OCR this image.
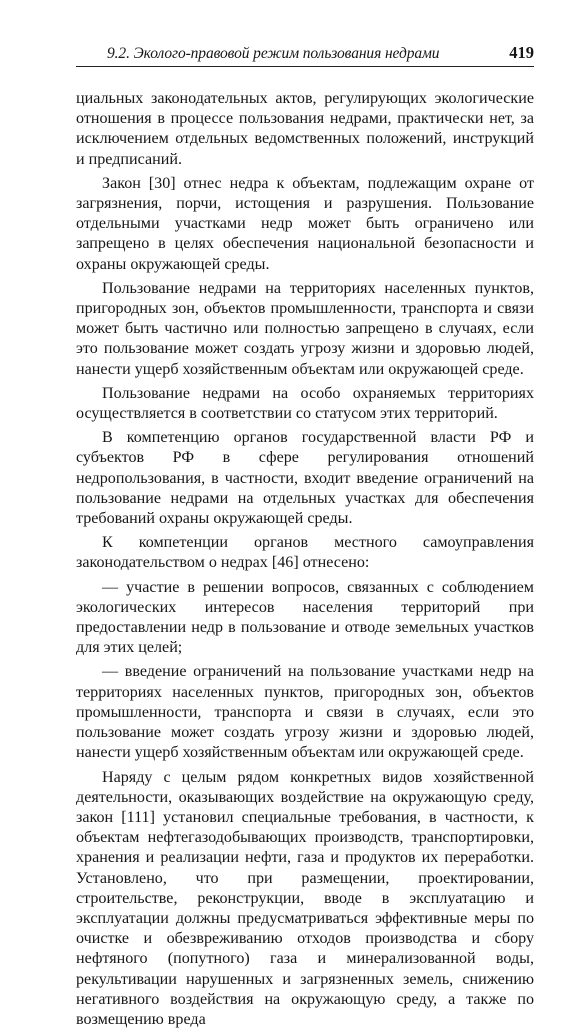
9.2. Эколого-правовой режим пользования недрами	419

циальных законодательных актов, регулирующих экологические отношения в процессе пользования недрами, практически нет, за исключением отдельных ведомственных положений, инструкций и предписаний.

Закон [30] отнес недра к объектам, подлежащим охране от загрязнения, порчи, истощения и разрушения. Пользование отдельными участками недр может быть ограничено или запрещено в целях обеспечения национальной безопасности и охраны окружающей среды.

Пользование недрами на территориях населенных пунктов, пригородных зон, объектов промышленности, транспорта и связи может быть частично или полностью запрещено в случаях, если это пользование может создать угрозу жизни и здоровью людей, нанести ущерб хозяйственным объектам или окружающей среде.

Пользование недрами на особо охраняемых территориях осуществляется в соответствии со статусом этих территорий.

В компетенцию органов государственной власти РФ и субъектов РФ в сфере регулирования отношений недропользования, в частности, входит введение ограничений на пользование недрами на отдельных участках для обеспечения требований охраны окружающей среды.

К компетенции органов местного самоуправления законодательством о недрах [46] отнесено:

— участие в решении вопросов, связанных с соблюдением экологических интересов населения территорий при предоставлении недр в пользование и отводе земельных участков для этих целей;

— введение ограничений на пользование участками недр на территориях населенных пунктов, пригородных зон, объектов промышленности, транспорта и связи в случаях, если это пользование может создать угрозу жизни и здоровью людей, нанести ущерб хозяйственным объектам или окружающей среде.

Наряду с целым рядом конкретных видов хозяйственной деятельности, оказывающих воздействие на окружающую среду, закон [111] установил специальные требования, в частности, к объектам нефтегазодобывающих производств, транспортировки, хранения и реализации нефти, газа и продуктов их переработки. Установлено, что при размещении, проектировании, строительстве, реконструкции, вводе в эксплуатацию и эксплуатации должны предусматриваться эффективные меры по очистке и обезвреживанию отходов производства и сбору нефтяного (попутного) газа и минерализованной воды, рекультивации нарушенных и загрязненных земель, снижению негативного воздействия на окружающую среду, а также по возмещению вреда
